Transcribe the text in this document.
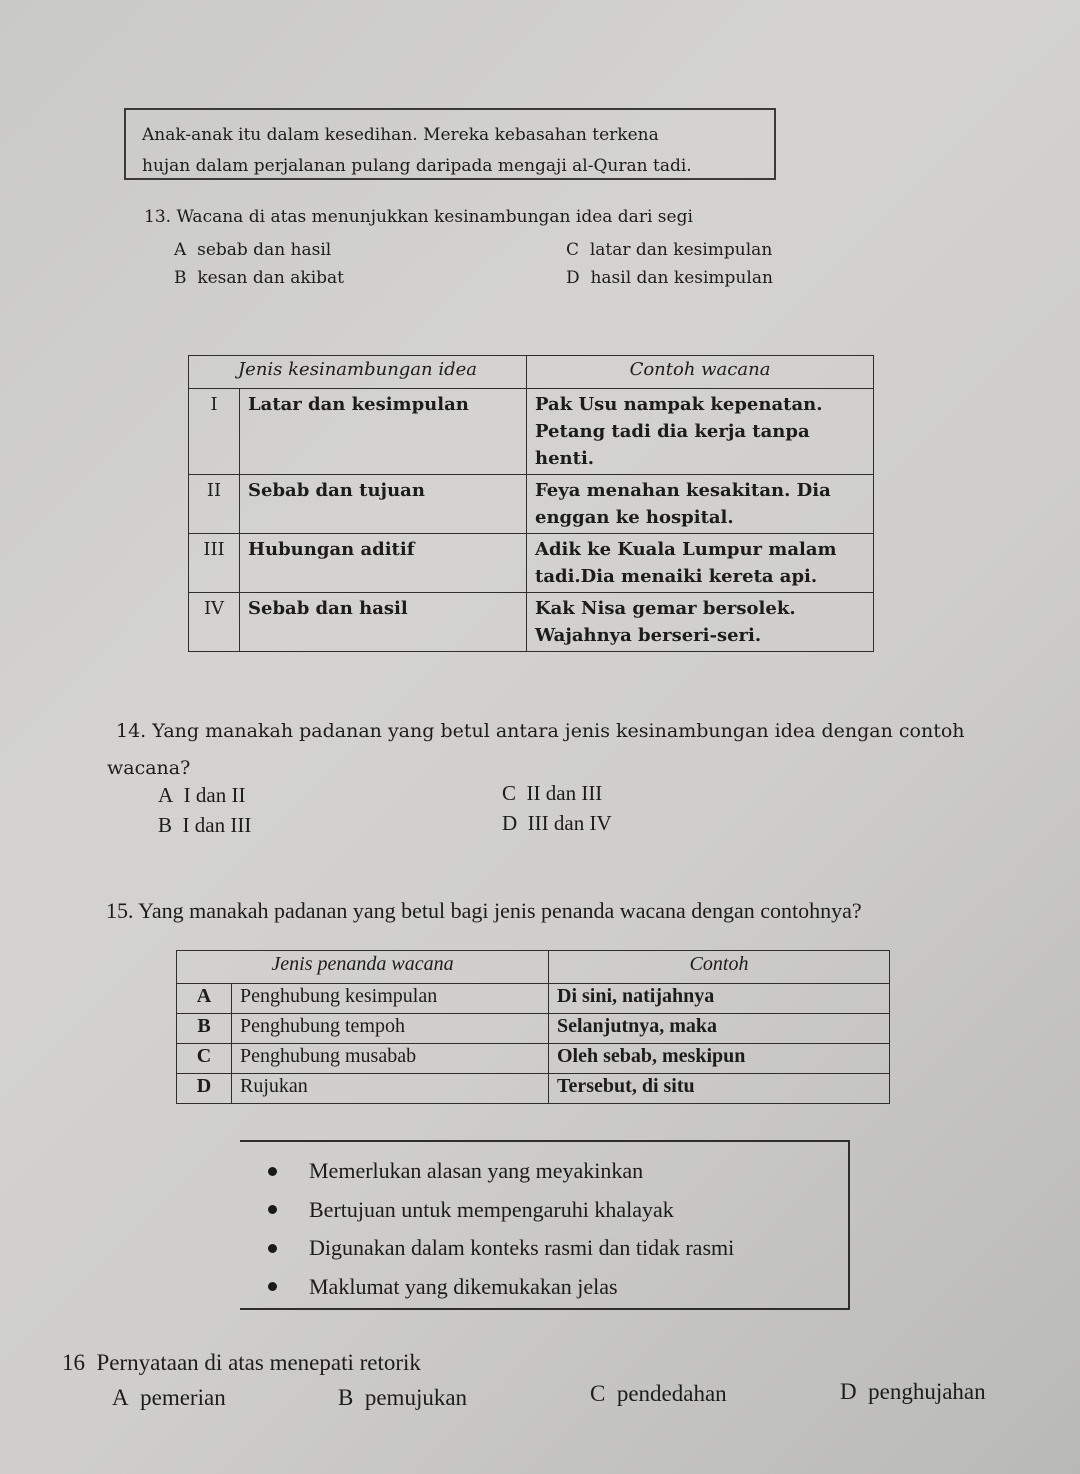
Anak-anak itu dalam kesedihan. Mereka kebasahan terkena
hujan dalam perjalanan pulang daripada mengaji al-Quran tadi.
13. Wacana di atas menunjukkan kesinambungan idea dari segi
A sebab dan hasil
B kesan dan akibat
C latar dan kesimpulan
D hasil dan kesimpulan
Jenis kesinambungan idea		Contoh wacana
I	Latar dan kesimpulan	Pak Usu nampak kepenatan. Petang tadi dia kerja tanpa henti.
II	Sebab dan tujuan	Feya menahan kesakitan. Dia enggan ke hospital.
III	Hubungan aditif	Adik ke Kuala Lumpur malam tadi.Dia menaiki kereta api.
IV	Sebab dan hasil	Kak Nisa gemar bersolek. Wajahnya berseri-seri.
14. Yang manakah padanan yang betul antara jenis kesinambungan idea dengan contoh
wacana?
A I dan II
B I dan III
C II dan III
D III dan IV
15. Yang manakah padanan yang betul bagi jenis penanda wacana dengan contohnya?
Jenis penanda wacana		Contoh
A	Penghubung kesimpulan	Di sini, natijahnya
B	Penghubung tempoh	Selanjutnya, maka
C	Penghubung musabab	Oleh sebab, meskipun
D	Rujukan	Tersebut, di situ
Memerlukan alasan yang meyakinkan
Bertujuan untuk mempengaruhi khalayak
Digunakan dalam konteks rasmi dan tidak rasmi
Maklumat yang dikemukakan jelas
16  Pernyataan di atas menepati retorik
A pemerian	B pemujukan	C pendedahan	D penghujahan
